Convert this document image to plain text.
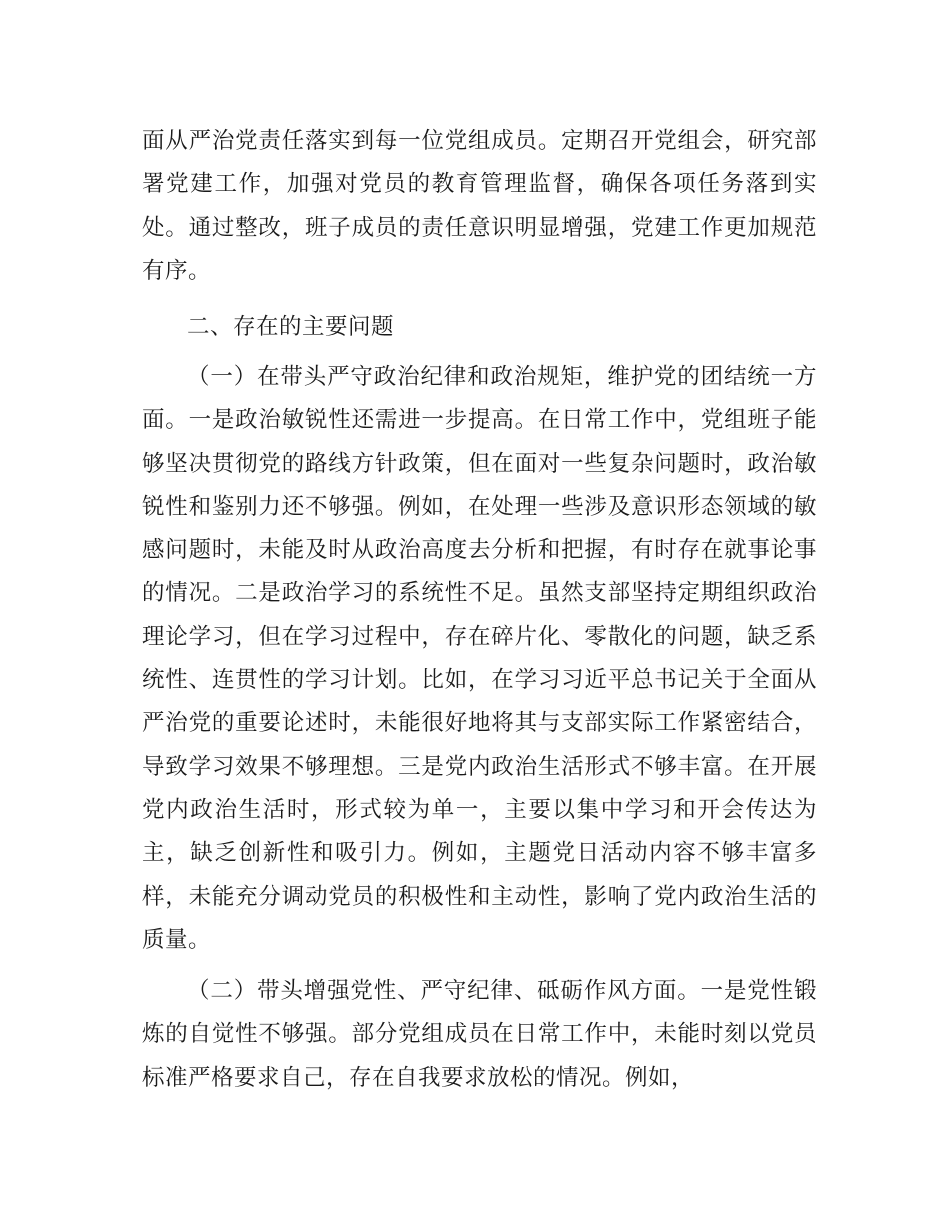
面从严治党责任落实到每一位党组成员。定期召开党组会，研究部署党建工作，加强对党员的教育管理监督，确保各项任务落到实处。通过整改，班子成员的责任意识明显增强，党建工作更加规范有序。

二、存在的主要问题

（一）在带头严守政治纪律和政治规矩，维护党的团结统一方面。一是政治敏锐性还需进一步提高。在日常工作中，党组班子能够坚决贯彻党的路线方针政策，但在面对一些复杂问题时，政治敏锐性和鉴别力还不够强。例如，在处理一些涉及意识形态领域的敏感问题时，未能及时从政治高度去分析和把握，有时存在就事论事的情况。二是政治学习的系统性不足。虽然支部坚持定期组织政治理论学习，但在学习过程中，存在碎片化、零散化的问题，缺乏系统性、连贯性的学习计划。比如，在学习习近平总书记关于全面从严治党的重要论述时，未能很好地将其与支部实际工作紧密结合，导致学习效果不够理想。三是党内政治生活形式不够丰富。在开展党内政治生活时，形式较为单一，主要以集中学习和开会传达为主，缺乏创新性和吸引力。例如，主题党日活动内容不够丰富多样，未能充分调动党员的积极性和主动性，影响了党内政治生活的质量。

（二）带头增强党性、严守纪律、砥砺作风方面。一是党性锻炼的自觉性不够强。部分党组成员在日常工作中，未能时刻以党员标准严格要求自己，存在自我要求放松的情况。例如，
